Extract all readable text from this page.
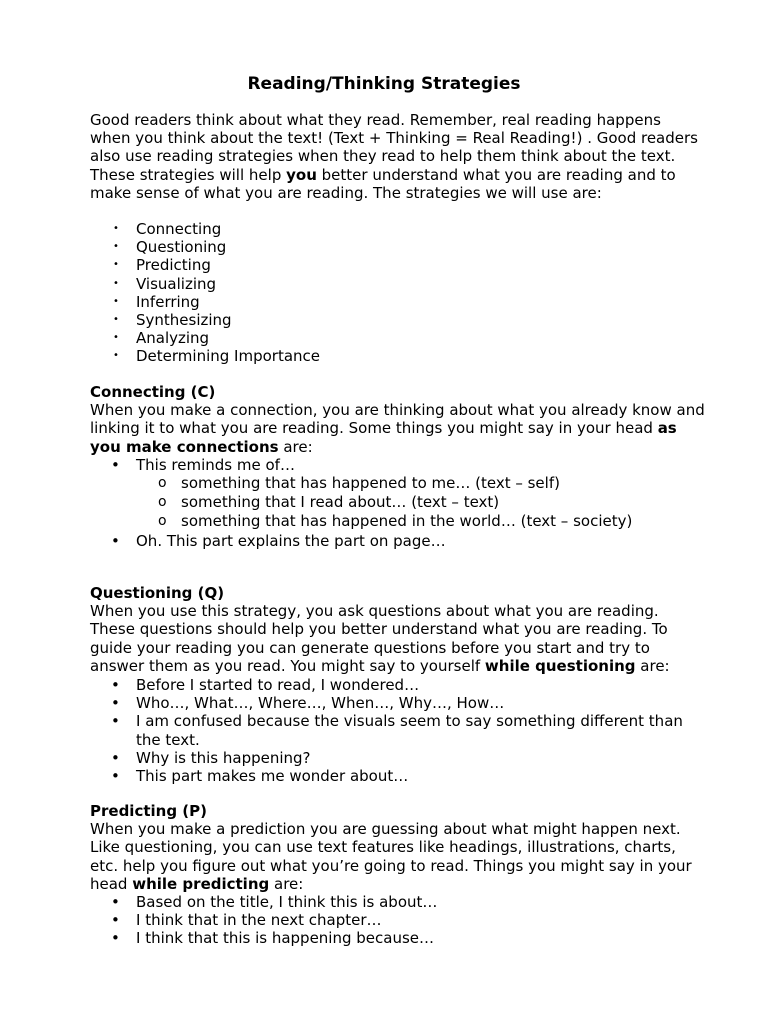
Reading/Thinking Strategies

Good readers think about what they read. Remember, real reading happens when you think about the text! (Text + Thinking = Real Reading!) . Good readers also use reading strategies when they read to help them think about the text. These strategies will help you better understand what you are reading and to make sense of what you are reading. The strategies we will use are:

• Connecting
• Questioning
• Predicting
• Visualizing
• Inferring
• Synthesizing
• Analyzing
• Determining Importance

Connecting (C)

When you make a connection, you are thinking about what you already know and linking it to what you are reading. Some things you might say in your head as you make connections are:

• This reminds me of…
o something that has happened to me… (text – self)
o something that I read about… (text – text)
o something that has happened in the world… (text – society)
• Oh. This part explains the part on page…

Questioning (Q)

When you use this strategy, you ask questions about what you are reading. These questions should help you better understand what you are reading. To guide your reading you can generate questions before you start and try to answer them as you read. You might say to yourself while questioning are:

• Before I started to read, I wondered…
• Who…, What…, Where…, When…, Why…, How…
• I am confused because the visuals seem to say something different than the text.
• Why is this happening?
• This part makes me wonder about…

Predicting (P)

When you make a prediction you are guessing about what might happen next. Like questioning, you can use text features like headings, illustrations, charts, etc. help you figure out what you’re going to read. Things you might say in your head while predicting are:

• Based on the title, I think this is about…
• I think that in the next chapter…
• I think that this is happening because…
